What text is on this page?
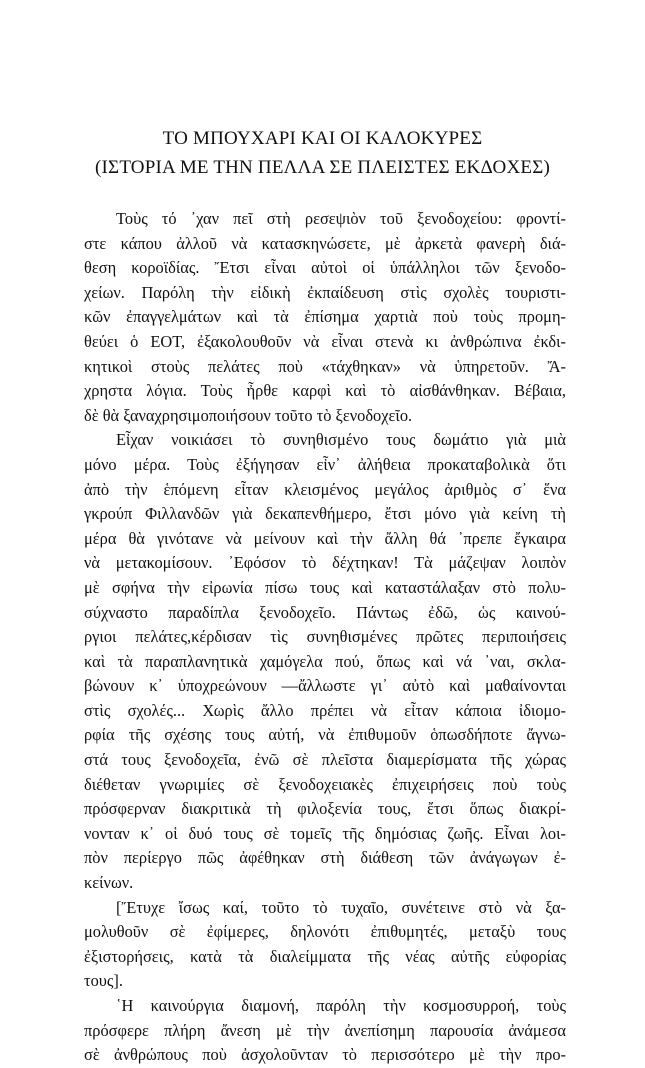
ΤΟ ΜΠΟΥΧΑΡΙ ΚΑΙ ΟΙ ΚΑΛΟΚΥΡΕΣ
(ΙΣΤΟΡΙΑ ΜΕ ΤΗΝ ΠΕΛΛΑ ΣΕ ΠΛΕΙΣΤΕΣ ΕΚΔΟΧΕΣ)
Τοὺς τό ᾿χαν πεῖ στὴ ρεσεψιὸν τοῦ ξενοδοχείου: φροντί-
στε κάπου ἀλλοῦ νὰ κατασκηνώσετε, μὲ ἀρκετὰ φανερὴ διά-
θεση κοροϊδίας. Ἔτσι εἶναι αὐτοὶ οἱ ὑπάλληλοι τῶν ξενοδο-
χείων. Παρόλη τὴν εἰδικὴ ἐκπαίδευση στὶς σχολὲς τουριστι-
κῶν ἐπαγγελμάτων καὶ τὰ ἐπίσημα χαρτιὰ ποὺ τοὺς προμη-
θεύει ὁ ΕΟΤ, ἐξακολουθοῦν νὰ εἶναι στενὰ κι ἀνθρώπινα ἐκδι-
κητικοὶ στοὺς πελάτες ποὺ «τάχθηκαν» νὰ ὑπηρετοῦν. Ἄ-
χρηστα λόγια. Τοὺς ἦρθε καρφὶ καὶ τὸ αἰσθάνθηκαν. Βέβαια,
δὲ θὰ ξαναχρησιμοποιήσουν τοῦτο τὸ ξενοδοχεῖο.
Εἶχαν νοικιάσει τὸ συνηθισμένο τους δωμάτιο γιὰ μιὰ
μόνο μέρα. Τοὺς ἐξήγησαν εἶν᾿ ἀλήθεια προκαταβολικὰ ὅτι
ἀπὸ τὴν ἑπόμενη εἶταν κλεισμένος μεγάλος ἀριθμὸς σ᾿ ἕνα
γκρούπ Φιλλανδῶν γιὰ δεκαπενθήμερο, ἔτσι μόνο γιὰ κείνη τὴ
μέρα θὰ γινότανε νὰ μείνουν καὶ τὴν ἄλλη θά ᾿πρεπε ἔγκαιρα
νὰ μετακομίσουν. ᾿Εφόσον τὸ δέχτηκαν! Τὰ μάζεψαν λοιπὸν
μὲ σφήνα τὴν εἰρωνία πίσω τους καὶ καταστάλαξαν στὸ πολυ-
σύχναστο παραδίπλα ξενοδοχεῖο. Πάντως ἐδῶ, ὡς καινού-
ργιοι πελάτες,κέρδισαν τὶς συνηθισμένες πρῶτες περιποιήσεις
καὶ τὰ παραπλανητικὰ χαμόγελα πού, ὅπως καὶ νά ᾿ναι, σκλα-
βώνουν κ᾿ ὑποχρεώνουν —ἄλλωστε γι᾿ αὐτὸ καὶ μαθαίνονται
στὶς σχολές... Χωρὶς ἄλλο πρέπει νὰ εἶταν κάποια ἰδιομο-
ρφία τῆς σχέσης τους αὐτή, νὰ ἐπιθυμοῦν ὁπωσδήποτε ἄγνω-
στά τους ξενοδοχεῖα, ἐνῶ σὲ πλεῖστα διαμερίσματα τῆς χώρας
διέθεταν γνωριμίες σὲ ξενοδοχειακὲς ἐπιχειρήσεις ποὺ τοὺς
πρόσφερναν διακριτικὰ τὴ φιλοξενία τους, ἔτσι ὅπως διακρί-
νονταν κ᾿ οἱ δυό τους σὲ τομεῖς τῆς δημόσιας ζωῆς. Εἶναι λοι-
πὸν περίεργο πῶς ἀφέθηκαν στὴ διάθεση τῶν ἀνάγωγων ἐ-
κείνων.
[Ἔτυχε ἴσως καί, τοῦτο τὸ τυχαῖο, συνέτεινε στὸ νὰ ξα-
μολυθοῦν σὲ ἐφίμερες, δηλονότι ἐπιθυμητές, μεταξὺ τους
ἐξιστορήσεις, κατὰ τὰ διαλείμματα τῆς νέας αὐτῆς εὐφορίας
τους].
῾Η καινούργια διαμονή, παρόλη τὴν κοσμοσυρροή, τοὺς
πρόσφερε πλήρη ἄνεση μὲ τὴν ἀνεπίσημη παρουσία ἀνάμεσα
σὲ ἀνθρώπους ποὺ ἀσχολοῦνταν τὸ περισσότερο μὲ τὴν προ-
